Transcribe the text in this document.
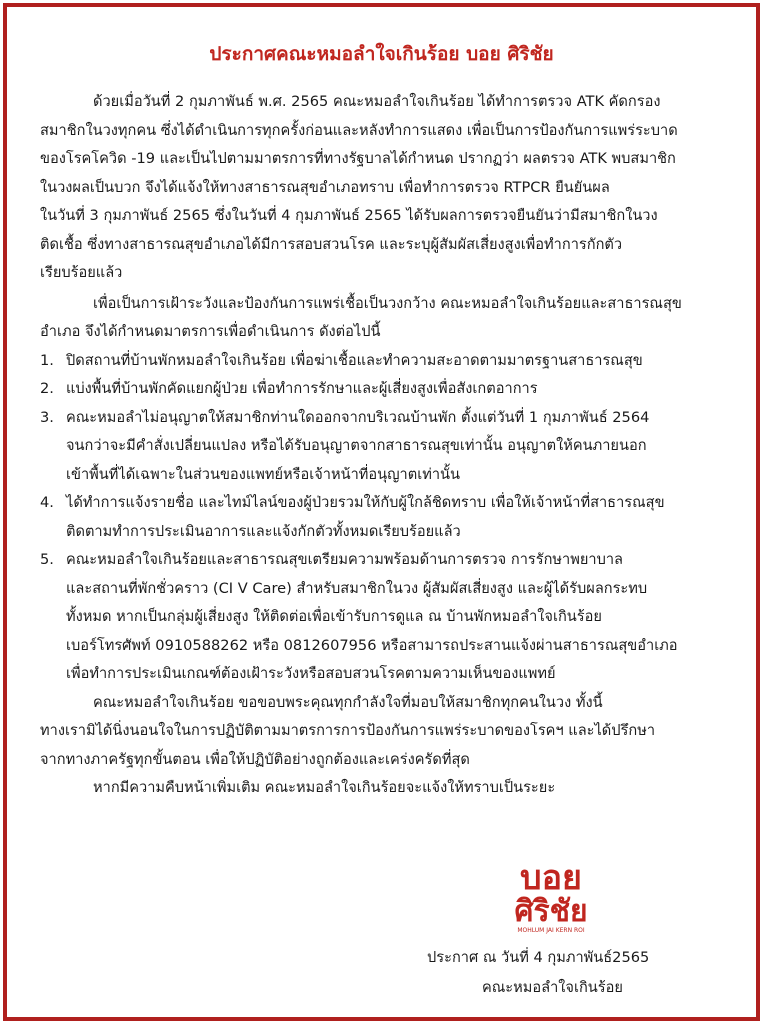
ประกาศคณะหมอลำใจเกินร้อย บอย ศิริชัย
ด้วยเมื่อวันที่ 2 กุมภาพันธ์ พ.ศ. 2565 คณะหมอลำใจเกินร้อย ได้ทำการตรวจ ATK คัดกรอง
สมาชิกในวงทุกคน ซึ่งได้ดำเนินการทุกครั้งก่อนและหลังทำการแสดง เพื่อเป็นการป้องกันการแพร่ระบาด
ของโรคโควิด -19 และเป็นไปตามมาตรการที่ทางรัฐบาลได้กำหนด ปรากฏว่า ผลตรวจ ATK พบสมาชิก
ในวงผลเป็นบวก จึงได้แจ้งให้ทางสาธารณสุขอำเภอทราบ เพื่อทำการตรวจ RTPCR ยืนยันผล
ในวันที่ 3 กุมภาพันธ์ 2565 ซึ่งในวันที่ 4 กุมภาพันธ์ 2565 ได้รับผลการตรวจยืนยันว่ามีสมาชิกในวง
ติดเชื้อ ซึ่งทางสาธารณสุขอำเภอได้มีการสอบสวนโรค และระบุผู้สัมผัสเสี่ยงสูงเพื่อทำการกักตัว
เรียบร้อยแล้ว
เพื่อเป็นการเฝ้าระวังและป้องกันการแพร่เชื้อเป็นวงกว้าง คณะหมอลำใจเกินร้อยและสาธารณสุข
อำเภอ จึงได้กำหนดมาตรการเพื่อดำเนินการ ดังต่อไปนี้
1. ปิดสถานที่บ้านพักหมอลำใจเกินร้อย เพื่อฆ่าเชื้อและทำความสะอาดตามมาตรฐานสาธารณสุข
2. แบ่งพื้นที่บ้านพักคัดแยกผู้ป่วย เพื่อทำการรักษาและผู้เสี่ยงสูงเพื่อสังเกตอาการ
3. คณะหมอลำไม่อนุญาตให้สมาชิกท่านใดออกจากบริเวณบ้านพัก ตั้งแต่วันที่ 1 กุมภาพันธ์ 2564
จนกว่าจะมีคำสั่งเปลี่ยนแปลง หรือได้รับอนุญาตจากสาธารณสุขเท่านั้น อนุญาตให้คนภายนอก
เข้าพื้นที่ได้เฉพาะในส่วนของแพทย์หรือเจ้าหน้าที่อนุญาตเท่านั้น
4. ได้ทำการแจ้งรายชื่อ และไทม์ไลน์ของผู้ป่วยรวมให้กับผู้ใกล้ชิดทราบ เพื่อให้เจ้าหน้าที่สาธารณสุข
ติดตามทำการประเมินอาการและแจ้งกักตัวทั้งหมดเรียบร้อยแล้ว
5. คณะหมอลำใจเกินร้อยและสาธารณสุขเตรียมความพร้อมด้านการตรวจ การรักษาพยาบาล
และสถานที่พักชั่วคราว (CI V Care) สำหรับสมาชิกในวง ผู้สัมผัสเสี่ยงสูง และผู้ได้รับผลกระทบ
ทั้งหมด หากเป็นกลุ่มผู้เสี่ยงสูง ให้ติดต่อเพื่อเข้ารับการดูแล ณ บ้านพักหมอลำใจเกินร้อย
เบอร์โทรศัพท์ 0910588262 หรือ 0812607956 หรือสามารถประสานแจ้งผ่านสาธารณสุขอำเภอ
เพื่อทำการประเมินเกณฑ์ต้องเฝ้าระวังหรือสอบสวนโรคตามความเห็นของแพทย์
คณะหมอลำใจเกินร้อย ขอขอบพระคุณทุกกำลังใจที่มอบให้สมาชิกทุกคนในวง ทั้งนี้
ทางเรามิได้นิ่งนอนใจในการปฏิบัติตามมาตรการการป้องกันการแพร่ระบาดของโรคฯ และได้ปรึกษา
จากทางภาครัฐทุกขั้นตอน เพื่อให้ปฏิบัติอย่างถูกต้องและเคร่งครัดที่สุด
หากมีความคืบหน้าเพิ่มเติม คณะหมอลำใจเกินร้อยจะแจ้งให้ทราบเป็นระยะ
บอย
ศิริชัย
MOHLUM JAI KERN ROI
ประกาศ ณ วันที่ 4 กุมภาพันธ์2565
คณะหมอลำใจเกินร้อย
